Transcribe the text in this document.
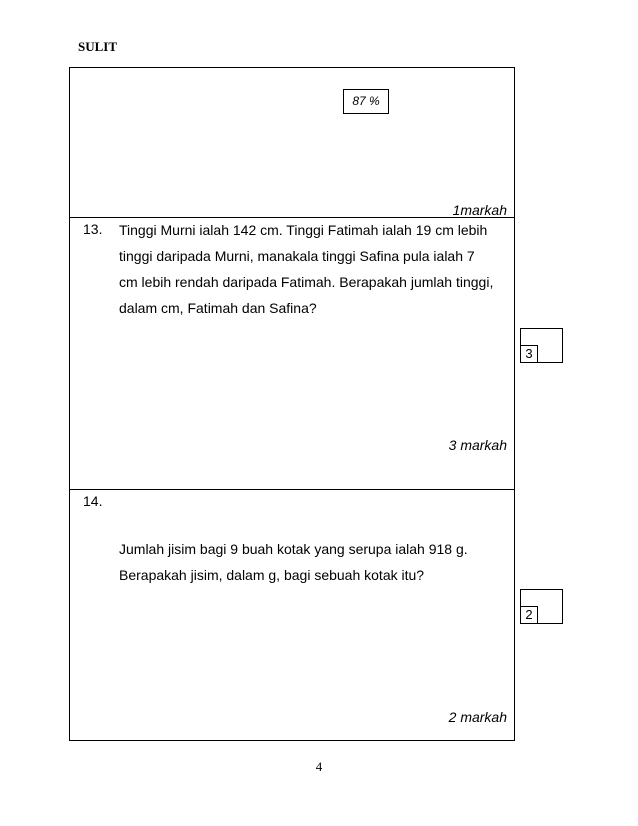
SULIT
87 %
1markah
13. Tinggi Murni ialah 142 cm. Tinggi Fatimah ialah 19 cm lebih

tinggi daripada Murni, manakala tinggi Safina pula ialah 7

cm lebih rendah daripada Fatimah. Berapakah jumlah tinggi,

dalam cm, Fatimah dan Safina?

3 markah
14.

Jumlah jisim bagi 9 buah kotak yang serupa ialah 918 g.

Berapakah jisim, dalam g, bagi sebuah kotak itu?

2 markah
3
2
4
